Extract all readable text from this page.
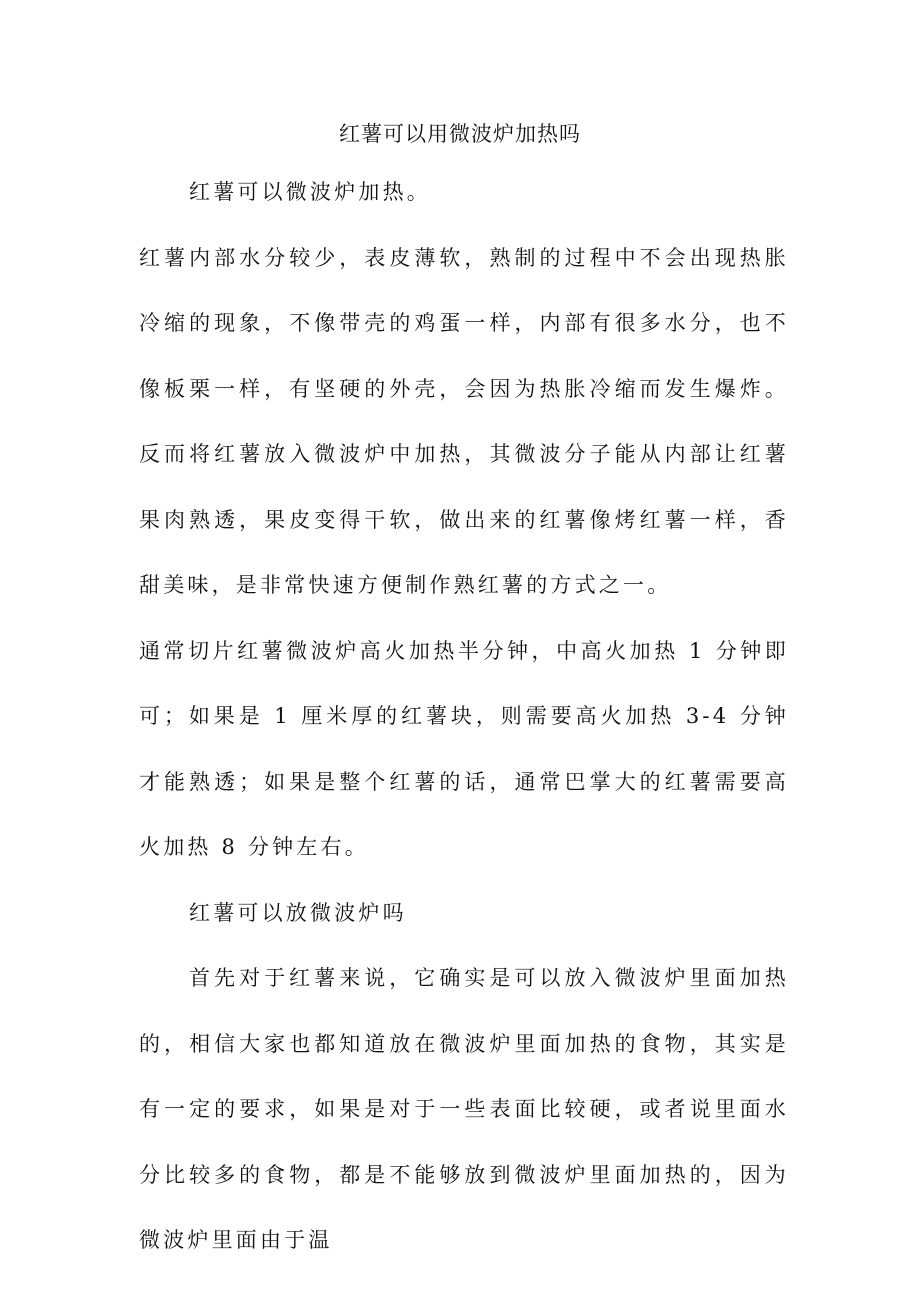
红薯可以用微波炉加热吗

红薯可以微波炉加热。

红薯内部水分较少，表皮薄软，熟制的过程中不会出现热胀冷缩的现象，不像带壳的鸡蛋一样，内部有很多水分，也不像板栗一样，有坚硬的外壳，会因为热胀冷缩而发生爆炸。反而将红薯放入微波炉中加热，其微波分子能从内部让红薯果肉熟透，果皮变得干软，做出来的红薯像烤红薯一样，香甜美味，是非常快速方便制作熟红薯的方式之一。

通常切片红薯微波炉高火加热半分钟，中高火加热 1 分钟即可；如果是 1 厘米厚的红薯块，则需要高火加热 3-4 分钟才能熟透；如果是整个红薯的话，通常巴掌大的红薯需要高火加热 8 分钟左右。

红薯可以放微波炉吗

首先对于红薯来说，它确实是可以放入微波炉里面加热的，相信大家也都知道放在微波炉里面加热的食物，其实是有一定的要求，如果是对于一些表面比较硬，或者说里面水分比较多的食物，都是不能够放到微波炉里面加热的，因为微波炉里面由于温
